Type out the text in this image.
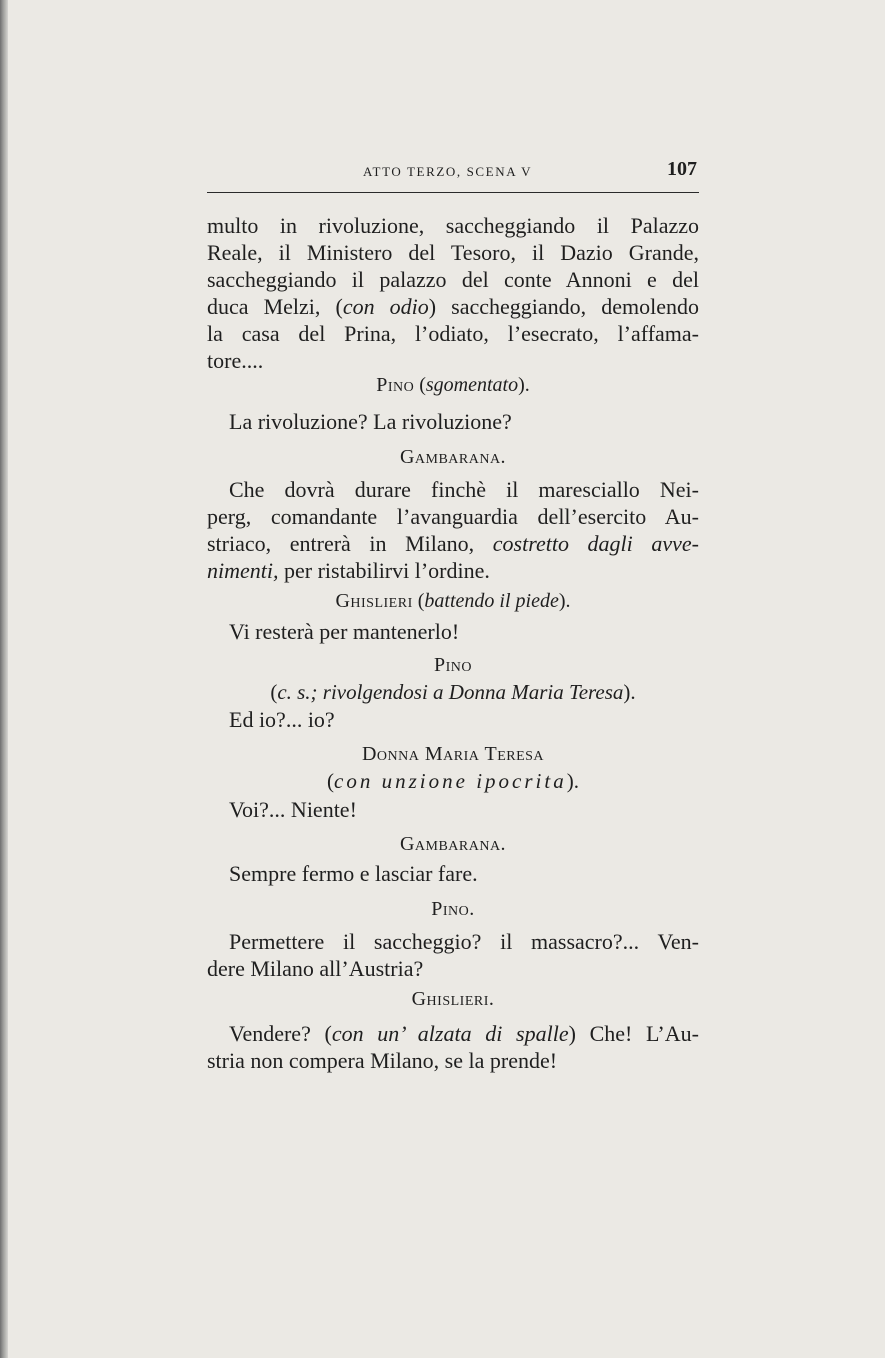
ATTO TERZO, SCENA V	107
multo in rivoluzione, saccheggiando il Palazzo
Reale, il Ministero del Tesoro, il Dazio Grande,
saccheggiando il palazzo del conte Annoni e del
duca Melzi, (con odio) saccheggiando, demolendo
la casa del Prina, l’odiato, l’esecrato, l’affama-
tore....
Pino (sgomentato).
La rivoluzione? La rivoluzione?
Gambarana.
Che dovrà durare finchè il maresciallo Nei-
perg, comandante l’avanguardia dell’esercito Au-
striaco, entrerà in Milano, costretto dagli avve-
nimenti, per ristabilirvi l’ordine.
Ghislieri (battendo il piede).
Vi resterà per mantenerlo!
Pino
(c. s.; rivolgendosi a Donna Maria Teresa).
Ed io?... io?
Donna Maria Teresa
(con unzione ipocrita).
Voi?... Niente!
Gambarana.
Sempre fermo e lasciar fare.
Pino.
Permettere il saccheggio? il massacro?... Ven-
dere Milano all’Austria?
Ghislieri.
Vendere? (con un’ alzata di spalle) Che! L’Au-
stria non compera Milano, se la prende!
